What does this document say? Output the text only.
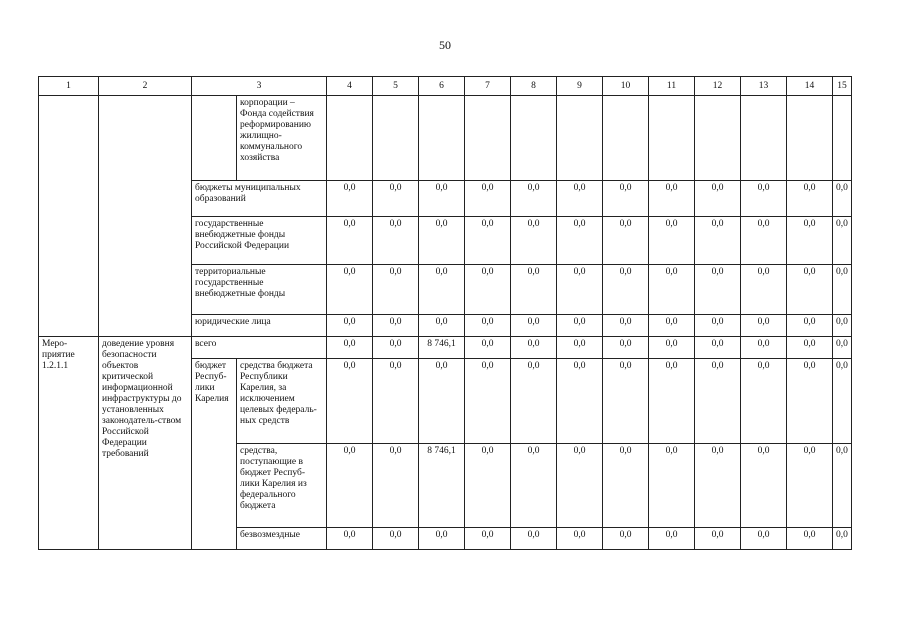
50
1	2	3		4	5	6	7	8	9	10	11	12	13	14	15
			корпорации – Фонда содействия реформированию жилищно-коммунального хозяйства												
		бюджеты муниципальных образований		0,0	0,0	0,0	0,0	0,0	0,0	0,0	0,0	0,0	0,0	0,0	0,0
		государственные внебюджетные фонды Российской Федерации		0,0	0,0	0,0	0,0	0,0	0,0	0,0	0,0	0,0	0,0	0,0	0,0
		территориальные государственные внебюджетные фонды		0,0	0,0	0,0	0,0	0,0	0,0	0,0	0,0	0,0	0,0	0,0	0,0
		юридические лица		0,0	0,0	0,0	0,0	0,0	0,0	0,0	0,0	0,0	0,0	0,0	0,0
Меро-приятие 1.2.1.1	доведение уровня безопасности объектов критической информационной инфраструктуры до установленных законодатель-ством Российской Федерации требований	всего		0,0	0,0	8 746,1	0,0	0,0	0,0	0,0	0,0	0,0	0,0	0,0	0,0
		бюджет Респуб-лики Карелия	средства бюджета Республики Карелия, за исключением целевых федераль-ных средств	0,0	0,0	0,0	0,0	0,0	0,0	0,0	0,0	0,0	0,0	0,0	0,0
			средства, поступающие в бюджет Респуб-лики Карелия из федерального бюджета	0,0	0,0	8 746,1	0,0	0,0	0,0	0,0	0,0	0,0	0,0	0,0	0,0
			безвозмездные	0,0	0,0	0,0	0,0	0,0	0,0	0,0	0,0	0,0	0,0	0,0	0,0
